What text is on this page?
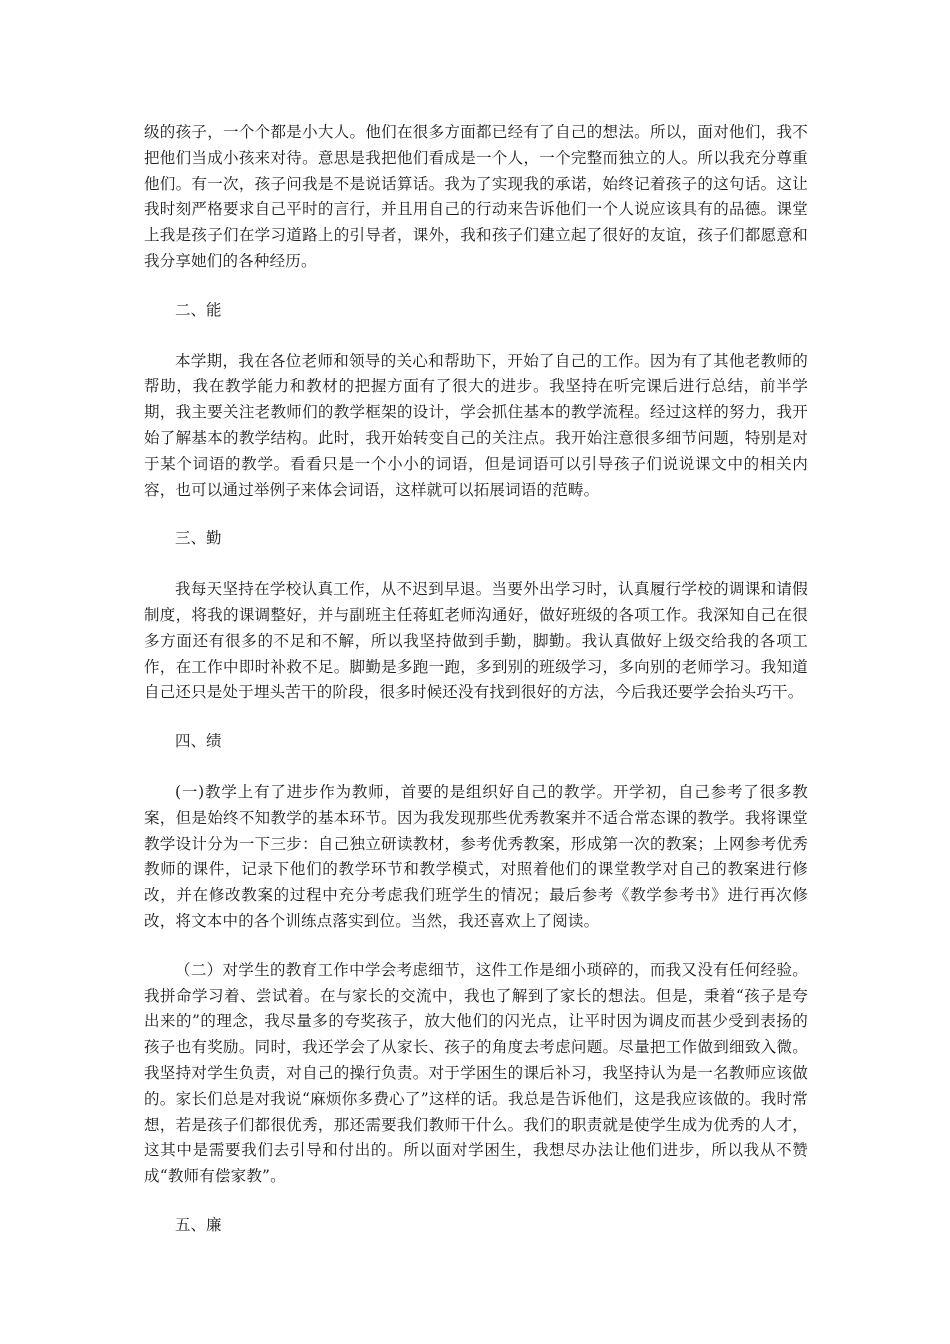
级的孩子，一个个都是小大人。他们在很多方面都已经有了自己的想法。所以，面对他们，我不把他们当成小孩来对待。意思是我把他们看成是一个人，一个完整而独立的人。所以我充分尊重他们。有一次，孩子问我是不是说话算话。我为了实现我的承诺，始终记着孩子的这句话。这让我时刻严格要求自己平时的言行，并且用自己的行动来告诉他们一个人说应该具有的品德。课堂上我是孩子们在学习道路上的引导者，课外，我和孩子们建立起了很好的友谊，孩子们都愿意和我分享她们的各种经历。

二、能

本学期，我在各位老师和领导的关心和帮助下，开始了自己的工作。因为有了其他老教师的帮助，我在教学能力和教材的把握方面有了很大的进步。我坚持在听完课后进行总结，前半学期，我主要关注老教师们的教学框架的设计，学会抓住基本的教学流程。经过这样的努力，我开始了解基本的教学结构。此时，我开始转变自己的关注点。我开始注意很多细节问题，特别是对于某个词语的教学。看看只是一个小小的词语，但是词语可以引导孩子们说说课文中的相关内容，也可以通过举例子来体会词语，这样就可以拓展词语的范畴。

三、勤

我每天坚持在学校认真工作，从不迟到早退。当要外出学习时，认真履行学校的调课和请假制度，将我的课调整好，并与副班主任蒋虹老师沟通好，做好班级的各项工作。我深知自己在很多方面还有很多的不足和不解，所以我坚持做到手勤，脚勤。我认真做好上级交给我的各项工作，在工作中即时补救不足。脚勤是多跑一跑，多到别的班级学习，多向别的老师学习。我知道自己还只是处于埋头苦干的阶段，很多时候还没有找到很好的方法，今后我还要学会抬头巧干。

四、绩

(一)教学上有了进步作为教师，首要的是组织好自己的教学。开学初，自己参考了很多教案，但是始终不知教学的基本环节。因为我发现那些优秀教案并不适合常态课的教学。我将课堂教学设计分为一下三步：自己独立研读教材，参考优秀教案，形成第一次的教案；上网参考优秀教师的课件，记录下他们的教学环节和教学模式，对照着他们的课堂教学对自己的教案进行修改，并在修改教案的过程中充分考虑我们班学生的情况；最后参考《教学参考书》进行再次修改，将文本中的各个训练点落实到位。当然，我还喜欢上了阅读。

（二）对学生的教育工作中学会考虑细节，这件工作是细小琐碎的，而我又没有任何经验。我拼命学习着、尝试着。在与家长的交流中，我也了解到了家长的想法。但是，秉着“孩子是夸出来的”的理念，我尽量多的夸奖孩子，放大他们的闪光点，让平时因为调皮而甚少受到表扬的孩子也有奖励。同时，我还学会了从家长、孩子的角度去考虑问题。尽量把工作做到细致入微。我坚持对学生负责，对自己的操行负责。对于学困生的课后补习，我坚持认为是一名教师应该做的。家长们总是对我说“麻烦你多费心了”这样的话。我总是告诉他们，这是我应该做的。我时常想，若是孩子们都很优秀，那还需要我们教师干什么。我们的职责就是使学生成为优秀的人才，这其中是需要我们去引导和付出的。所以面对学困生，我想尽办法让他们进步，所以我从不赞成“教师有偿家教”。

五、廉
